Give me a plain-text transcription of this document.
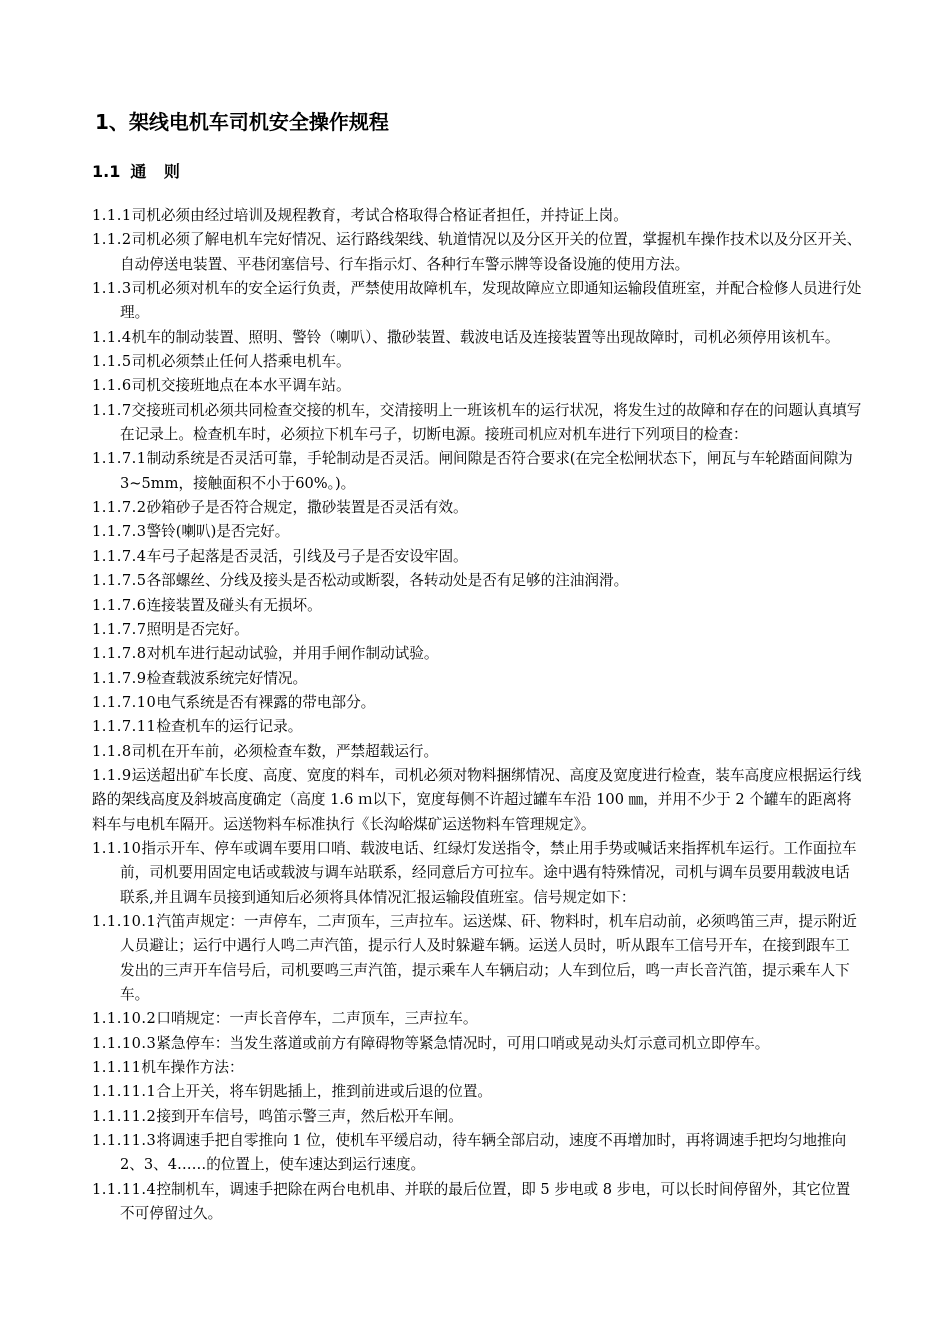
1、架线电机车司机安全操作规程
1.1 通 则
1.1.1司机必须由经过培训及规程教育，考试合格取得合格证者担任，并持证上岗。
1.1.2司机必须了解电机车完好情况、运行路线架线、轨道情况以及分区开关的位置，掌握机车操作技术以及分区开关、自动停送电装置、平巷闭塞信号、行车指示灯、各种行车警示牌等设备设施的使用方法。
1.1.3司机必须对机车的安全运行负责，严禁使用故障机车，发现故障应立即通知运输段值班室，并配合检修人员进行处理。
1.1.4机车的制动装置、照明、警铃（喇叭）、撒砂装置、载波电话及连接装置等出现故障时，司机必须停用该机车。
1.1.5司机必须禁止任何人搭乘电机车。
1.1.6司机交接班地点在本水平调车站。
1.1.7交接班司机必须共同检查交接的机车，交清接明上一班该机车的运行状况，将发生过的故障和存在的问题认真填写在记录上。检查机车时，必须拉下机车弓子，切断电源。接班司机应对机车进行下列项目的检查：
1.1.7.1制动系统是否灵活可靠，手轮制动是否灵活。闸间隙是否符合要求(在完全松闸状态下，闸瓦与车轮踏面间隙为3~5mm，接触面积不小于60%。)。
1.1.7.2砂箱砂子是否符合规定，撒砂装置是否灵活有效。
1.1.7.3警铃(喇叭)是否完好。
1.1.7.4车弓子起落是否灵活，引线及弓子是否安设牢固。
1.1.7.5各部螺丝、分线及接头是否松动或断裂，各转动处是否有足够的注油润滑。
1.1.7.6连接装置及碰头有无损坏。
1.1.7.7照明是否完好。
1.1.7.8对机车进行起动试验，并用手闸作制动试验。
1.1.7.9检查载波系统完好情况。
1.1.7.10电气系统是否有裸露的带电部分。
1.1.7.11检查机车的运行记录。
1.1.8司机在开车前，必须检查车数，严禁超载运行。
1.1.9运送超出矿车长度、高度、宽度的料车，司机必须对物料捆绑情况、高度及宽度进行检查，装车高度应根据运行线路的架线高度及斜坡高度确定（高度 1.6 ｍ以下，宽度每侧不许超过罐车车沿 100 ㎜，并用不少于 2 个罐车的距离将料车与电机车隔开。运送物料车标准执行《长沟峪煤矿运送物料车管理规定》。
1.1.10指示开车、停车或调车要用口哨、载波电话、红绿灯发送指令，禁止用手势或喊话来指挥机车运行。工作面拉车前，司机要用固定电话或载波与调车站联系，经同意后方可拉车。途中遇有特殊情况，司机与调车员要用载波电话联系,并且调车员接到通知后必须将具体情况汇报运输段值班室。信号规定如下：
1.1.10.1汽笛声规定：一声停车，二声顶车，三声拉车。运送煤、矸、物料时，机车启动前，必须鸣笛三声，提示附近人员避让；运行中遇行人鸣二声汽笛，提示行人及时躲避车辆。运送人员时，听从跟车工信号开车，在接到跟车工发出的三声开车信号后，司机要鸣三声汽笛，提示乘车人车辆启动；人车到位后，鸣一声长音汽笛，提示乘车人下车。
1.1.10.2口哨规定：一声长音停车，二声顶车，三声拉车。
1.1.10.3紧急停车：当发生落道或前方有障碍物等紧急情况时，可用口哨或晃动头灯示意司机立即停车。
1.1.11机车操作方法：
1.1.11.1合上开关，将车钥匙插上，推到前进或后退的位置。
1.1.11.2接到开车信号，鸣笛示警三声，然后松开车闸。
1.1.11.3将调速手把自零推向 1 位，使机车平缓启动，待车辆全部启动，速度不再增加时，再将调速手把均匀地推向 2、3、4……的位置上，使车速达到运行速度。
1.1.11.4控制机车，调速手把除在两台电机串、并联的最后位置，即 5 步电或 8 步电，可以长时间停留外，其它位置不可停留过久。
